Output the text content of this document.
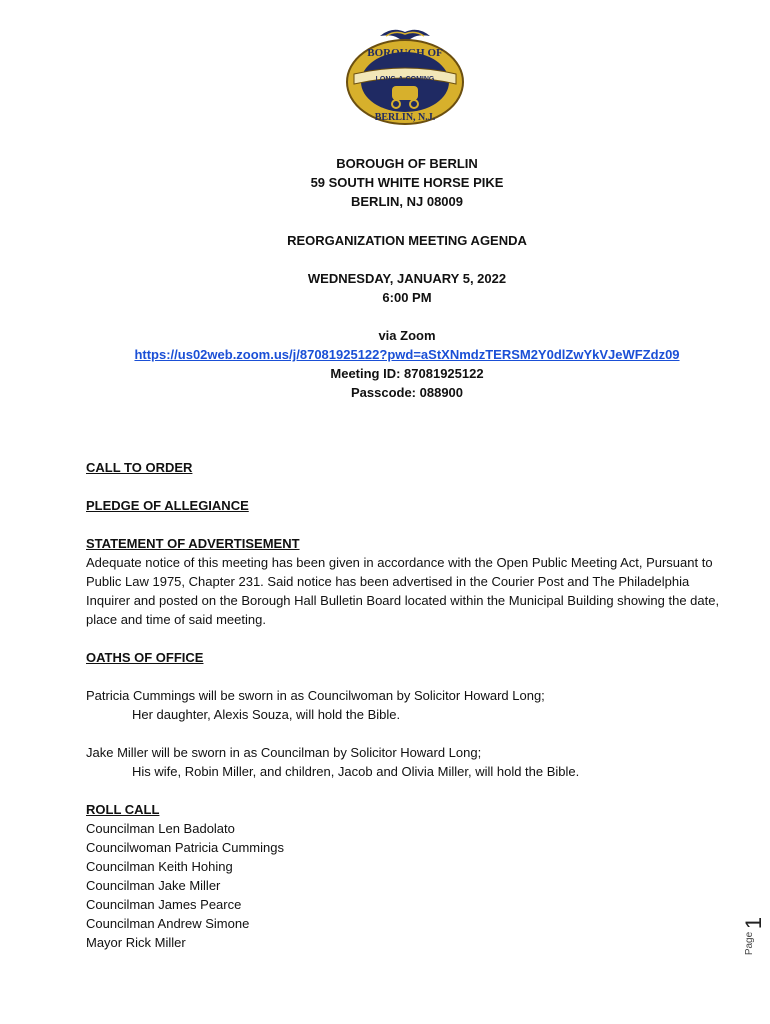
BOROUGH OF
LONG-A-COMING
BERLIN, N.J.
BOROUGH OF BERLIN
59 SOUTH WHITE HORSE PIKE
BERLIN, NJ 08009
REORGANIZATION MEETING AGENDA
WEDNESDAY, JANUARY 5, 2022
6:00 PM
via Zoom
https://us02web.zoom.us/j/87081925122?pwd=aStXNmdzTERSM2Y0dlZwYkVJeWFZdz09
Meeting ID: 87081925122
Passcode: 088900

CALL TO ORDER

PLEDGE OF ALLEGIANCE

STATEMENT OF ADVERTISEMENT

Adequate notice of this meeting has been given in accordance with the Open Public Meeting Act, Pursuant to Public Law 1975, Chapter 231. Said notice has been advertised in the Courier Post and The Philadelphia Inquirer and posted on the Borough Hall Bulletin Board located within the Municipal Building showing the date, place and time of said meeting.

OATHS OF OFFICE

Patricia Cummings will be sworn in as Councilwoman by Solicitor Howard Long;

Her daughter, Alexis Souza, will hold the Bible.

Jake Miller will be sworn in as Councilman by Solicitor Howard Long;

His wife, Robin Miller, and children, Jacob and Olivia Miller, will hold the Bible.

ROLL CALL

Councilman Len Badolato

Councilwoman Patricia Cummings

Councilman Keith Hohing

Councilman Jake Miller

Councilman James Pearce

Councilman Andrew Simone

Mayor Rick Miller	Page
1
